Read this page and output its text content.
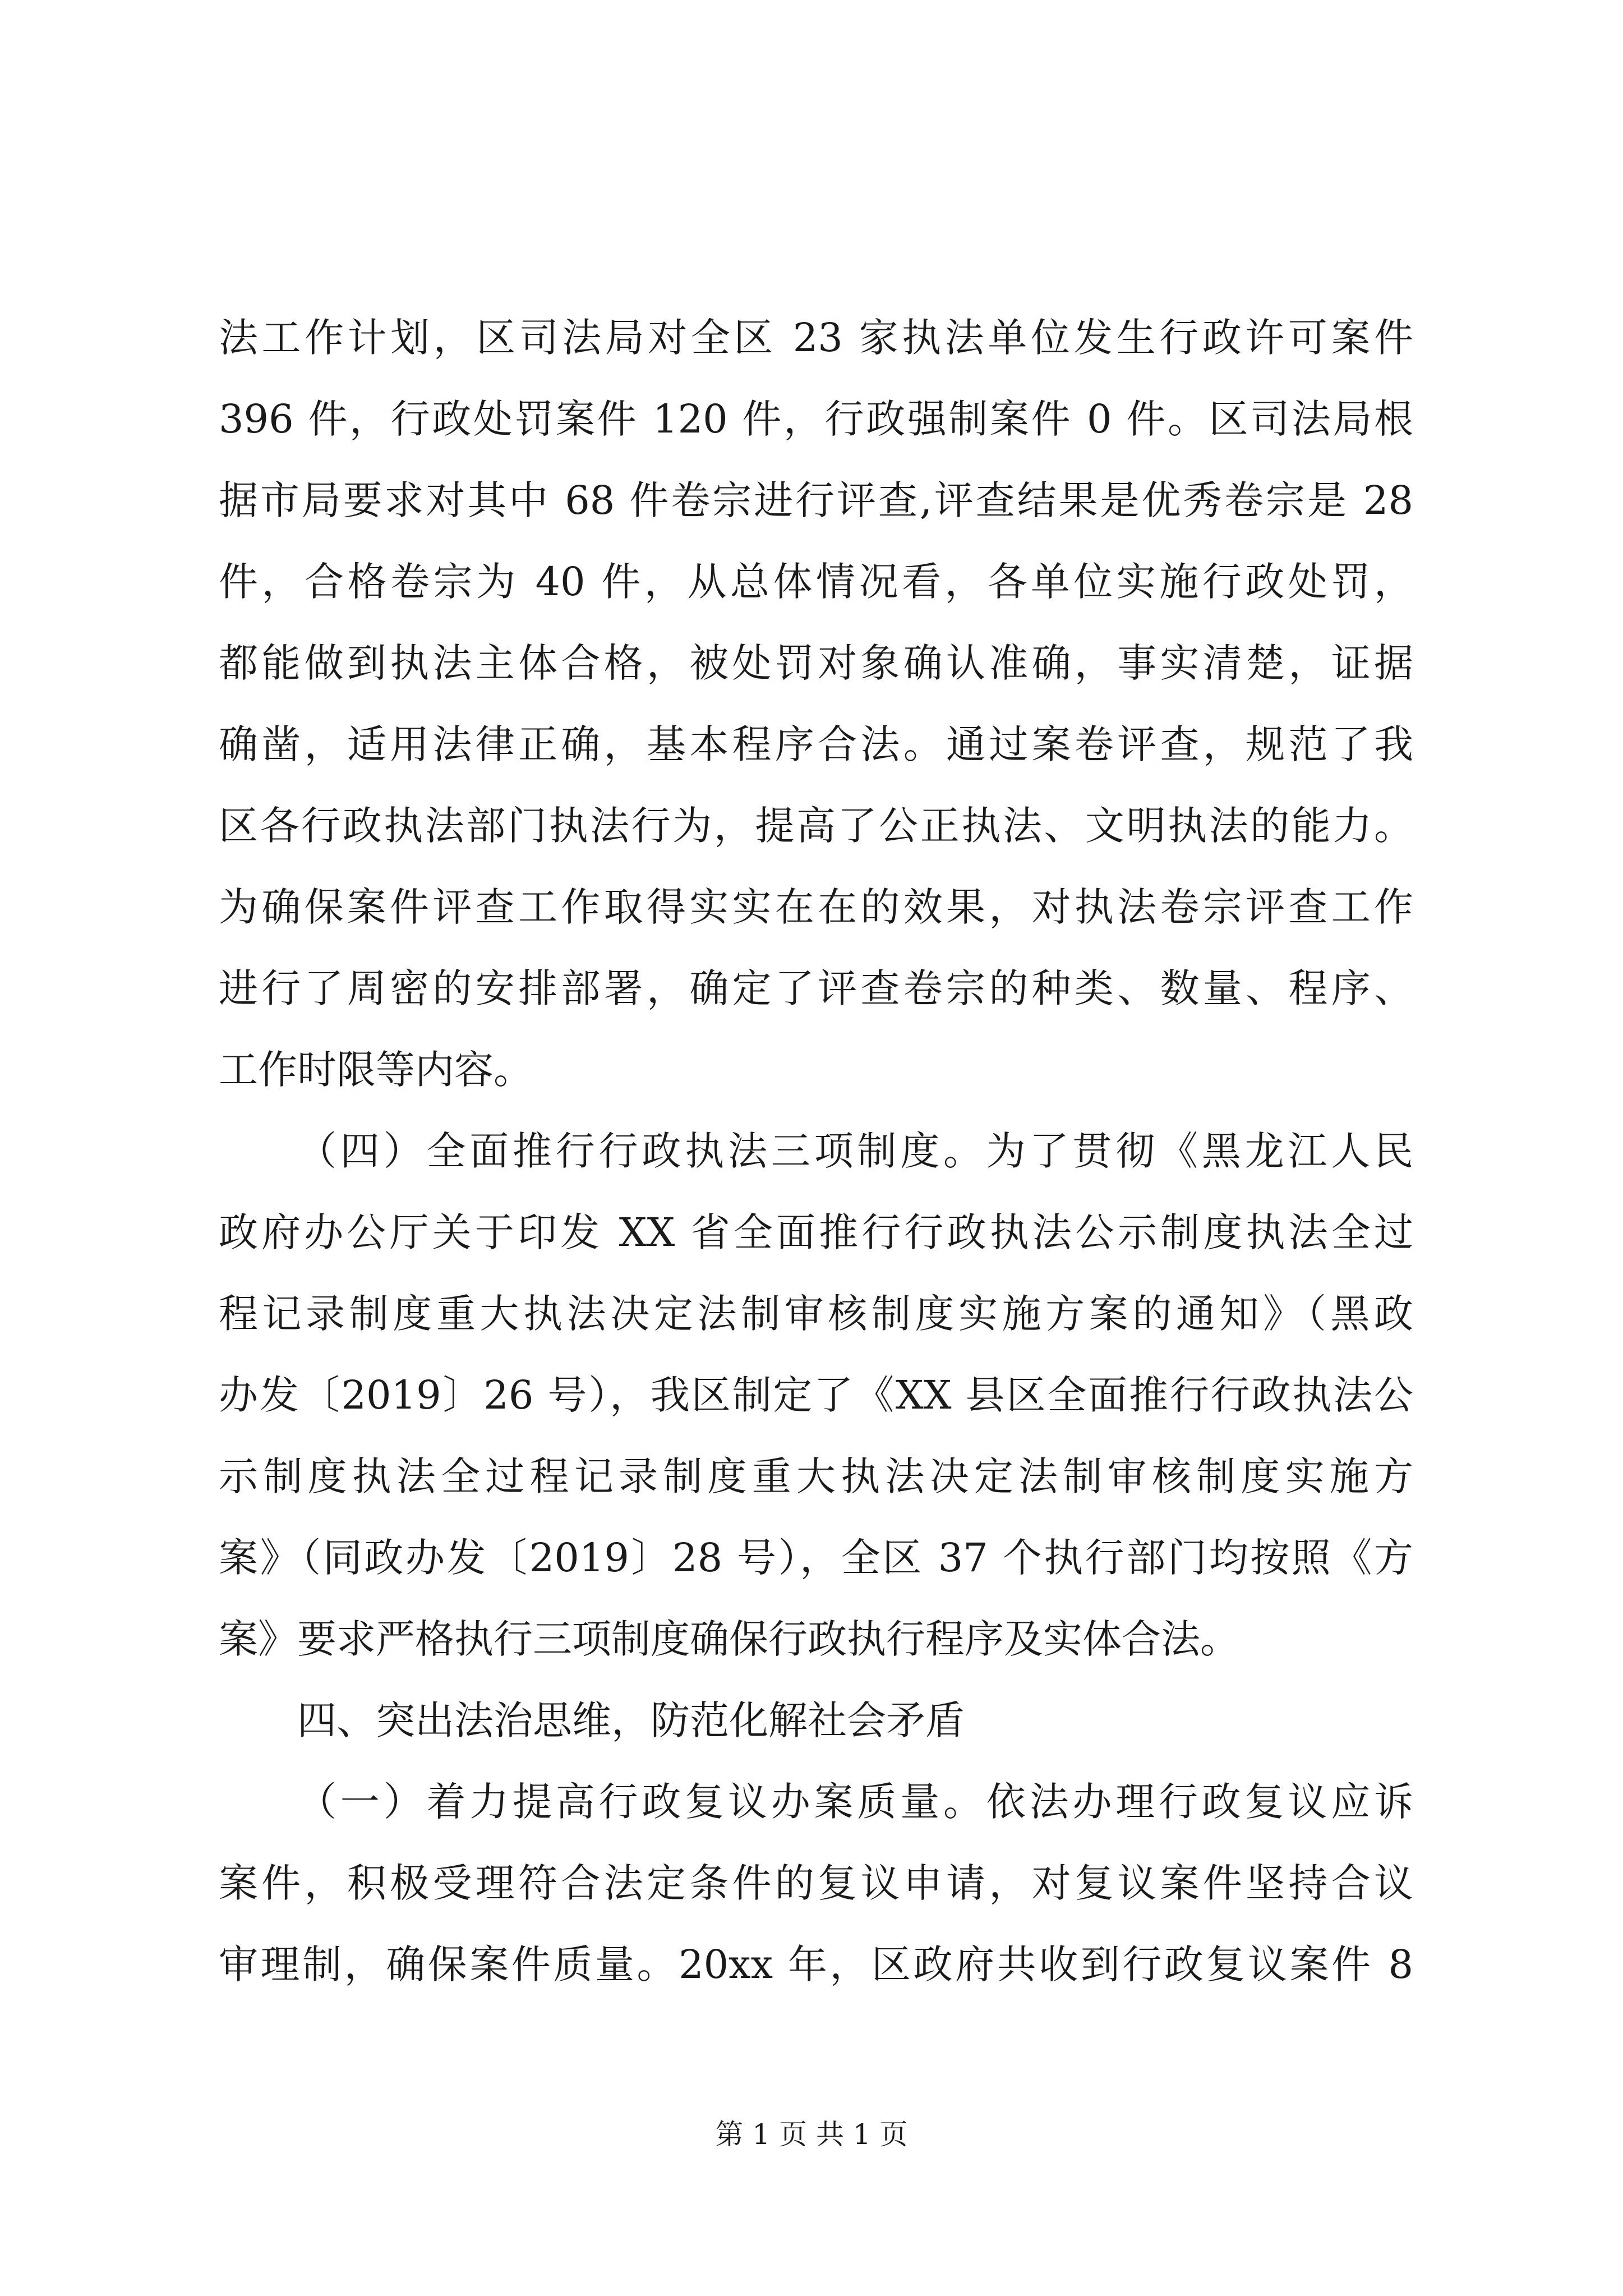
法工作计划，区司法局对全区 23 家执法单位发生行政许可案件
396 件，行政处罚案件 120 件，行政强制案件 0 件。区司法局根
据市局要求对其中 68 件卷宗进行评查,评查结果是优秀卷宗是 28
件，合格卷宗为 40 件，从总体情况看，各单位实施行政处罚，
都能做到执法主体合格，被处罚对象确认准确，事实清楚，证据
确凿，适用法律正确，基本程序合法。通过案卷评查，规范了我
区各行政执法部门执法行为，提高了公正执法、文明执法的能力。
为确保案件评查工作取得实实在在的效果，对执法卷宗评查工作
进行了周密的安排部署，确定了评查卷宗的种类、数量、程序、
工作时限等内容。
（四）全面推行行政执法三项制度。为了贯彻《黑龙江人民
政府办公厅关于印发 XX 省全面推行行政执法公示制度执法全过
程记录制度重大执法决定法制审核制度实施方案的通知》（黑政
办发〔2019〕26 号），我区制定了《XX 县区全面推行行政执法公
示制度执法全过程记录制度重大执法决定法制审核制度实施方
案》（同政办发〔2019〕28 号），全区 37 个执行部门均按照《方
案》要求严格执行三项制度确保行政执行程序及实体合法。
四、突出法治思维，防范化解社会矛盾
（一）着力提高行政复议办案质量。依法办理行政复议应诉
案件，积极受理符合法定条件的复议申请，对复议案件坚持合议
审理制，确保案件质量。20xx 年，区政府共收到行政复议案件 8
第 1 页 共 1 页
